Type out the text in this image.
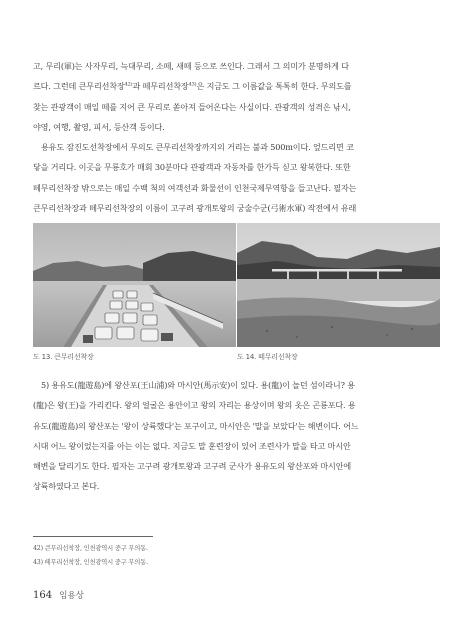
고, 무리(軍)는 사자무리, 늑대무리, 소떼, 새떼 등으로 쓰인다. 그래서 그 의미가 분명하게 다
르다. 그런데 큰무리선착장$^{42)}$과 떼무리선착장$^{43)}$은 지금도 그 이름값을 톡톡히 한다. 무의도를
찾는 관광객이 매일 떼를 지어 큰 무리로 쏟아져 들어온다는 사실이다. 관광객의 성격은 낚시,
야영, 여행, 촬영, 피서, 등산객 등이다.

용유도 잠진도선착장에서 무의도 큰무리선착장까지의 거리는 불과 500m이다. 엎드리면 코
닿을 거리다. 이곳을 무룡호가 매회 30분마다 관광객과 자동차를 한가득 싣고 왕복한다. 또한
떼무리선착장 밖으로는 매일 수백 척의 여객선과 화물선이 인천국제무역항을 들고난다. 필자는
큰무리선착장과 떼무리선착장의 이름이 고구려 광개토왕의 궁술수군(弓術水軍) 작전에서 유래

도 13. 큰무리선착장	도 14. 떼무리선착장

5) 용유도(龍遊島)에 왕산포(王山浦)와 마시안(馬示安)이 있다. 용(龍)이 놀던 섬이라니? 용
(龍)은 왕(王)을 가리킨다. 왕의 얼굴은 용안이고 왕의 자리는 용상이며 왕의 옷은 곤룡포다. 용
유도(龍遊島)의 왕산포는 '왕이 상륙했다'는 포구이고, 마시안은 '말을 보았다'는 해변이다. 어느
시대 어느 왕이었는지를 아는 이는 없다. 지금도 말 훈련장이 있어 조련사가 말을 타고 마시안
해변을 달리기도 한다. 필자는 고구려 광개토왕과 고구려 군사가 용유도의 왕산포와 마시안에
상륙하였다고 본다.

42) 큰무리선착장, 인천광역시 중구 무의동.
43) 떼무리선착장, 인천광역시 중구 무의동.
164 임용상
